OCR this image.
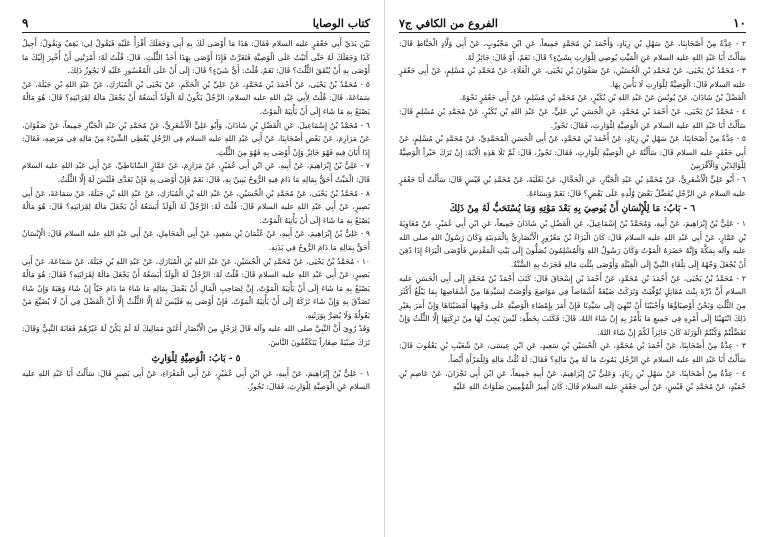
٩	كتاب الوصايا

بَيْنَ يَدَيْ أَبِي جَعْفَرٍ عليه السلام فَقَالَ: هَذَا مَا أَوْصَى لَكَ بِهِ أَبِي وَجَعَلَكَ أَقْرَأْ عَلَيْهِ فَيَقُولُ لِي: يَقِفُ وَيَقُولُ: أَجِيلُ كَذَا وَجَعَلَكَ لَهُ حَتَّى أَتَيْتُ عَلَى الْوَصِيَّةِ فَتَعَرَّتْ فَإِذَا أَوْصَى بِهَذَا أَحَدُ الثُّلُثِ، قَالَ: قُلْتُ لَهُ: أَمْرَتْنِي أَنْ أُخْبِرَ إِلَيْكَ مَا أَوْصَى بِهِ أَنْ يُنْفَقَ الثُّلُثَ؟ قَالَ: نَعَمْ، قُلْتُ: أَيُّ شَيْءٍ؟ قَالَ: إِلَى أَنْ عَلَى الْمُعْسُورِ عَلَيْهِ لَا يَجُوزُ ذَلِكَ.

٥ - مُحَمَّدُ بْنُ يَحْيَى، عَنْ أَحْمَدَ بْنِ مُحَمَّدٍ، عَنْ عَلِيِّ بْنِ الْحَكَمِ، عَنْ يَحْيَى بْنِ الْمُبَارَكِ، عَنْ عَبْدِ اللهِ بْنِ جَبَلَةَ، عَنْ سَمَاعَةَ، قَالَ: قُلْتُ لِأَبِي عَبْدِ اللهِ عليه السلام: الرَّجُلُ يَكُونُ لَهُ الْوَلَدُ أَيَسَعُهُ أَنْ يَجْعَلَ مَالَهُ لِقَرَابَتِهِ؟ قَالَ: هُوَ مَالُهُ يَصْنَعُ بِهِ مَا شَاءَ إِلَى أَنْ يَأْتِيَهُ الْمَوْتُ.

٦ - مُحَمَّدُ بْنُ إِسْمَاعِيلَ، عَنِ الْفَضْلِ بْنِ شَاذَانَ، وَأَبُو عَلِيٍّ الْأَشْعَرِيُّ، عَنْ مُحَمَّدِ بْنِ عَبْدِ الْجَبَّارِ جَمِيعاً، عَنْ صَفْوَانَ، عَنْ مَرَازِمَ، عَنْ بَعْضِ أَصْحَابِنَا، عَنْ أَبِي عَبْدِ اللهِ عليه السلام فِي الرَّجُلِ يُعْطِي الشَّيْءَ مِنْ مَالِهِ فِي مَرَضِهِ، فَقَالَ: إِذَا أَبَانَ فِيهِ فَهُوَ جَائِزٌ وَإِنْ أَوْصَى بِهِ فَهُوَ مِنَ الثُّلُثِ.

٧ - عَلِيُّ بْنُ إِبْرَاهِيمَ، عَنْ أَبِيهِ، عَنِ ابْنِ أَبِي عُمَيْرٍ، عَنْ مَرَازِمَ، عَنْ عَمَّارٍ السَّابَاطِيِّ، عَنْ أَبِي عَبْدِ اللهِ عليه السلام قَالَ: الْمَيِّتُ أَحَقُّ بِمَالِهِ مَا دَامَ فِيهِ الرُّوحُ يَبِينُ بِهِ، قَالَ: نَعَمْ فَإِنْ أَوْصَى بِهِ فَإِنْ تَعَدَّى فَلَيْسَ لَهُ إِلَّا الثُّلُثُ.

٨ - مُحَمَّدُ بْنُ يَحْيَى، عَنْ مُحَمَّدِ بْنِ الْحُسَيْنِ، عَنْ عَبْدِ اللهِ بْنِ الْمُبَارَكِ، عَنْ عَبْدِ اللهِ بْنِ جَبَلَةَ، عَنْ سَمَاعَةَ، عَنْ أَبِي بَصِيرٍ، عَنْ أَبِي عَبْدِ اللهِ عليه السلام قَالَ: قُلْتُ لَهُ: الرَّجُلُ لَهُ الْوَلَدُ أَيَسَعُهُ أَنْ يَجْعَلَ مَالَهُ لِقَرَابَتِهِ؟ قَالَ: هُوَ مَالُهُ يَصْنَعُ بِهِ مَا شَاءَ إِلَى أَنْ يَأْتِيَهُ الْمَوْتُ.

٩ - عَلِيُّ بْنُ إِبْرَاهِيمَ، عَنْ أَبِيهِ، عَنْ عُثْمَانَ بْنِ سَعِيدٍ، عَنْ أَبِي الْمَحَامِلِ، عَنْ أَبِي عَبْدِ اللهِ عليه السلام قَالَ: الْإِنْسَانُ أَحَقُّ بِمَالِهِ مَا دَامَ الرُّوحُ فِي بَدَنِهِ.

١٠ - مُحَمَّدُ بْنُ يَحْيَى، عَنْ مُحَمَّدِ بْنِ الْحُسَيْنِ، عَنْ عَبْدِ اللهِ بْنِ الْمُبَارَكِ، عَنْ عَبْدِ اللهِ بْنِ جَبَلَةَ، عَنْ سَمَاعَةَ، عَنْ أَبِي بَصِيرٍ، عَنْ أَبِي عَبْدِ اللهِ عليه السلام قَالَ: قُلْتُ لَهُ: الرَّجُلُ لَهُ الْوَلَدُ أَيَسَعُهُ أَنْ يَجْعَلَ مَالَهُ لِقَرَابَتِهِ؟ فَقَالَ: هُوَ مَالُهُ يَصْنَعُ بِهِ مَا شَاءَ إِلَى أَنْ يَأْتِيَهُ الْمَوْتُ، إِنَّ لِصَاحِبِ الْمَالِ أَنْ يَعْمَلَ بِمَالِهِ مَا شَاءَ مَا دَامَ حَيّاً إِنْ شَاءَ وَهَبَهُ وَإِنْ شَاءَ تَصَدَّقَ بِهِ وَإِنْ شَاءَ تَرَكَهُ إِلَى أَنْ يَأْتِيَهُ الْمَوْتُ، فَإِنْ أَوْصَى بِهِ فَلَيْسَ لَهُ إِلَّا الثُّلُثُ إِلَّا أَنَّ الْفَضْلَ فِي أَنْ لَا يُضَيِّعَ مَنْ يَعُولُهُ وَلَا يُضِرَّ بِوَرَثَتِهِ.

وَقَدْ رُوِيَ أَنَّ النَّبِيَّ صلى الله عليه وآله قَالَ لِرَجُلٍ مِنَ الْأَنْصَارِ أَعْتَقَ مَمَالِيكَ لَهُ لَمْ يَكُنْ لَهُ غَيْرُهُمْ فَعَابَهُ النَّبِيُّ وَقَالَ: تَرَكَ صِبْيَةً صِغَاراً يَتَكَفَّفُونَ النَّاسَ.

٥ - بَابُ: الْوَصِيَّةِ لِلْوَارِثِ

١ - عَلِيُّ بْنُ إِبْرَاهِيمَ، عَنْ أَبِيهِ، عَنِ ابْنِ أَبِي عُمَيْرٍ، عَنْ أَبِي الْمَغْرَاءِ، عَنْ أَبِي بَصِيرٍ قَالَ: سَأَلْتُ أَبَا عَبْدِ اللهِ عليه السلام عَنِ الْوَصِيَّةِ لِلْوَارِثِ، فَقَالَ: تَجُوزُ.

الفروع من الكافي ج٧	١٠

٢ - عِدَّةٌ مِنْ أَصْحَابِنَا، عَنْ سَهْلِ بْنِ زِيَادٍ، وَأَحْمَدَ بْنِ مُحَمَّدٍ جَمِيعاً، عَنِ ابْنِ مَحْبُوبٍ، عَنْ أَبِي وَلَّادٍ الْحَنَّاطِ قَالَ: سَأَلْتُ أَبَا عَبْدِ اللهِ عليه السلام عَنِ الْمَيِّتِ يُوصِي لِلْوَارِثِ بِشَيْءٍ؟ قَالَ: نَعَمْ، أَوْ قَالَ: جَائِزٌ لَهُ.

٣ - مُحَمَّدُ بْنُ يَحْيَى، عَنْ مُحَمَّدِ بْنِ الْحُسَيْنِ، عَنْ صَفْوَانَ بْنِ يَحْيَى، عَنِ الْعَلَاءِ، عَنْ مُحَمَّدِ بْنِ مُسْلِمٍ، عَنْ أَبِي جَعْفَرٍ عليه السلام قَالَ: الْوَصِيَّةُ لِلْوَارِثِ لَا بَأْسَ بِهَا.

الْفَضْلُ بْنُ شَاذَانَ، عَنْ يُونُسَ عَنْ عَبْدِ اللهِ بْنِ بُكَيْرٍ، عَنْ مُحَمَّدِ بْنِ مُسْلِمٍ، عَنْ أَبِي جَعْفَرٍ نَحْوَهُ.

٤ - مُحَمَّدُ بْنُ يَحْيَى، عَنْ أَحْمَدَ بْنِ مُحَمَّدٍ، عَنِ الْحَسَنِ بْنِ عَلِيٍّ، عَنْ عَبْدِ اللهِ بْنِ بُكَيْرٍ، عَنْ مُحَمَّدِ بْنِ مُسْلِمٍ قَالَ: سَأَلْتُ أَبَا عَبْدِ اللهِ عليه السلام عَنِ الْوَصِيَّةِ لِلْوَارِثِ، فَقَالَ: تَجُوزُ.

٥ - عِدَّةٌ مِنْ أَصْحَابِنَا، عَنْ سَهْلِ بْنِ زِيَادٍ، عَنْ أَحْمَدَ بْنِ مُحَمَّدٍ، عَنْ أَبِي الْحَسَنِ الْمُحَمَّدِيِّ، عَنْ مُحَمَّدِ بْنِ مُسْلِمٍ، عَنْ أَبِي جَعْفَرٍ عليه السلام قَالَ: سَأَلْتُهُ عَنِ الْوَصِيَّةِ لِلْوَارِثِ، فَقَالَ: تَجُوزُ، قَالَ: ثُمَّ تَلَا هَذِهِ الْآيَةَ: إِنْ تَرَكَ خَيْراً الْوَصِيَّةُ لِلْوَالِدَيْنِ وَالْأَقْرَبِينَ

٦ - أَبُو عَلِيٍّ الْأَشْعَرِيُّ، عَنْ مُحَمَّدِ بْنِ عَبْدِ الْجَبَّارِ، عَنِ الْحَجَّالِ، عَنْ ثَعْلَبَةَ، عَنْ مُحَمَّدِ بْنِ قَيْسٍ قَالَ: سَأَلْتُ أَبَا جَعْفَرٍ عليه السلام عَنِ الرَّجُلِ يُفَضِّلُ بَعْضَ وُلْدِهِ عَلَى بَعْضٍ؟ قَالَ: نَعَمْ وَنِسَاءَهُ.

٦ - بَابُ: مَا لِلْإِنْسَانِ أَنْ يُوصِيَ بِهِ بَعْدَ مَوْتِهِ وَمَا يُسْتَحَبُّ لَهُ مِنْ ذَلِكَ

١ - عَلِيُّ بْنُ إِبْرَاهِيمَ، عَنْ أَبِيهِ، وَمُحَمَّدُ بْنُ إِسْمَاعِيلَ، عَنِ الْفَضْلِ بْنِ شَاذَانَ جَمِيعاً، عَنِ ابْنِ أَبِي عُمَيْرٍ، عَنْ مُعَاوِيَةَ بْنِ عَمَّارٍ، عَنْ أَبِي عَبْدِ اللهِ عليه السلام قَالَ: كَانَ الْبَرَاءُ بْنُ مَعْرُورٍ الْأَنْصَارِيُّ بِالْمَدِينَةِ وَكَانَ رَسُولُ اللهِ صلى الله عليه وآله بِمَكَّةَ وَإِنَّهُ حَضَرَهُ الْمَوْتُ وَكَانَ رَسُولُ اللهِ وَالْمُسْلِمُونَ يُصَلُّونَ إِلَى بَيْتِ الْمَقْدِسِ فَأَوْصَى الْبَرَاءُ إِذَا دُفِنَ أَنْ يُجْعَلَ وَجْهُهُ إِلَى تِلْقَاءِ النَّبِيِّ إِلَى الْقِبْلَةِ وَأَوْصَى بِثُلُثِ مَالِهِ فَجَرَتْ بِهِ السُّنَّةُ.

٢ - مُحَمَّدُ بْنُ يَحْيَى، عَنْ أَحْمَدَ بْنِ مُحَمَّدٍ، عَنْ أَحْمَدَ بْنِ إِسْحَاقَ قَالَ: كَتَبَ أَحْمَدُ بْنُ مُحَمَّدٍ إِلَى أَبِي الْحَسَنِ عليه السلام أَنَّ دُرَّةَ بِنْتَ مُقَاتِلٍ تُوُفِّيَتْ وَتَرَكَتْ ضَيْعَةً أَشْقَاصاً فِي مَوَاضِعَ وَأَوْصَتْ لِسَيِّدِهَا مِنْ أَشْقَاصِهَا بِمَا يَبْلُغُ أَكْثَرَ مِنَ الثُّلُثِ وَنَحْنُ أَوْصِيَاؤُهَا وَأَحْبَبْنَا أَنْ نُنْهِيَ إِلَى سَيِّدِنَا فَإِنْ أَمَرَ بِإِمْضَاءِ الْوَصِيَّةِ عَلَى وَجْهِهَا أَمْضَيْنَاهَا وَإِنْ أَمَرَ بِغَيْرِ ذَلِكَ انْتَهَيْنَا إِلَى أَمْرِهِ فِي جَمِيعِ مَا يَأْمُرُ بِهِ إِنْ شَاءَ اللهُ، قَالَ: فَكَتَبَ بِخَطِّهِ: لَيْسَ يَجِبُ لَهَا مِنْ تَرِكَتِهَا إِلَّا الثُّلُثُ وَإِنْ تَفَضَّلْتُمْ وَكُنْتُمُ الْوَرَثَةَ كَانَ جَائِزاً لَكُمْ إِنْ شَاءَ اللهُ.

٣ - عِدَّةٌ مِنْ أَصْحَابِنَا، عَنْ أَحْمَدَ بْنِ مُحَمَّدٍ، عَنِ الْحُسَيْنِ بْنِ سَعِيدٍ، عَنِ ابْنِ عِيسَى، عَنْ شُعَيْبِ بْنِ يَعْقُوبَ قَالَ: سَأَلْتُ أَبَا عَبْدِ اللهِ عليه السلام عَنِ الرَّجُلِ يَمُوتُ مَا لَهُ مِنْ مَالِهِ؟ فَقَالَ: لَهُ ثُلُثُ مَالِهِ وَلِلْمَرْأَةِ أَيْضاً.

٤ - عِدَّةٌ مِنْ أَصْحَابِنَا، عَنْ سَهْلِ بْنِ زِيَادٍ، وَعَلِيُّ بْنُ إِبْرَاهِيمَ، عَنْ أَبِيهِ جَمِيعاً، عَنِ ابْنِ أَبِي نَجْرَانَ، عَنْ عَاصِمِ بْنِ حُمَيْدٍ، عَنْ مُحَمَّدِ بْنِ قَيْسٍ، عَنْ أَبِي جَعْفَرٍ عليه السلام قَالَ: كَانَ أَمِيرُ الْمُؤْمِنِينَ صَلَوَاتُ اللهِ عَلَيْهِ
